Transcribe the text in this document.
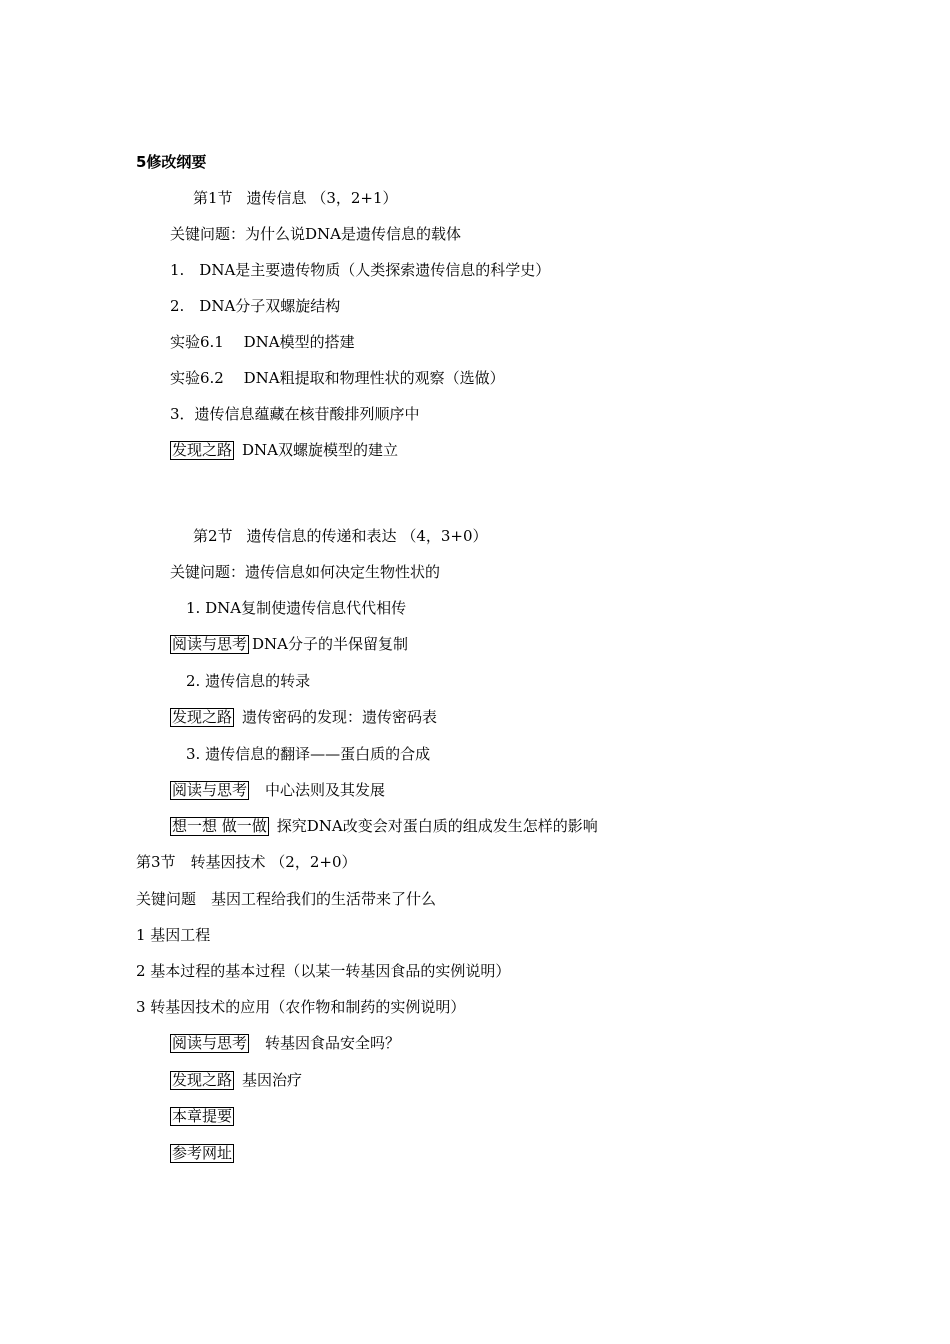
5修改纲要
第1节 遗传信息 （3，2+1）
关键问题：为什么说DNA是遗传信息的载体
1.　DNA是主要遗传物质（人类探索遗传信息的科学史）
2.　DNA分子双螺旋结构
实验6.1　 DNA模型的搭建
实验6.2　 DNA粗提取和物理性状的观察（选做）
3．遗传信息蕴藏在核苷酸排列顺序中
发现之路 DNA双螺旋模型的建立
第2节 遗传信息的传递和表达 （4，3+0）
关键问题：遗传信息如何决定生物性状的
1. DNA复制使遗传信息代代相传
阅读与思考 DNA分子的半保留复制
2. 遗传信息的转录
发现之路 遗传密码的发现：遗传密码表
3. 遗传信息的翻译——蛋白质的合成
阅读与思考 中心法则及其发展
想一想 做一做 探究DNA改变会对蛋白质的组成发生怎样的影响
第3节　转基因技术 （2，2+0）
关键问题　基因工程给我们的生活带来了什么
1 基因工程
2 基本过程的基本过程（以某一转基因食品的实例说明）
3 转基因技术的应用（农作物和制药的实例说明）
阅读与思考 转基因食品安全吗？
发现之路 基因治疗
本章提要
参考网址
